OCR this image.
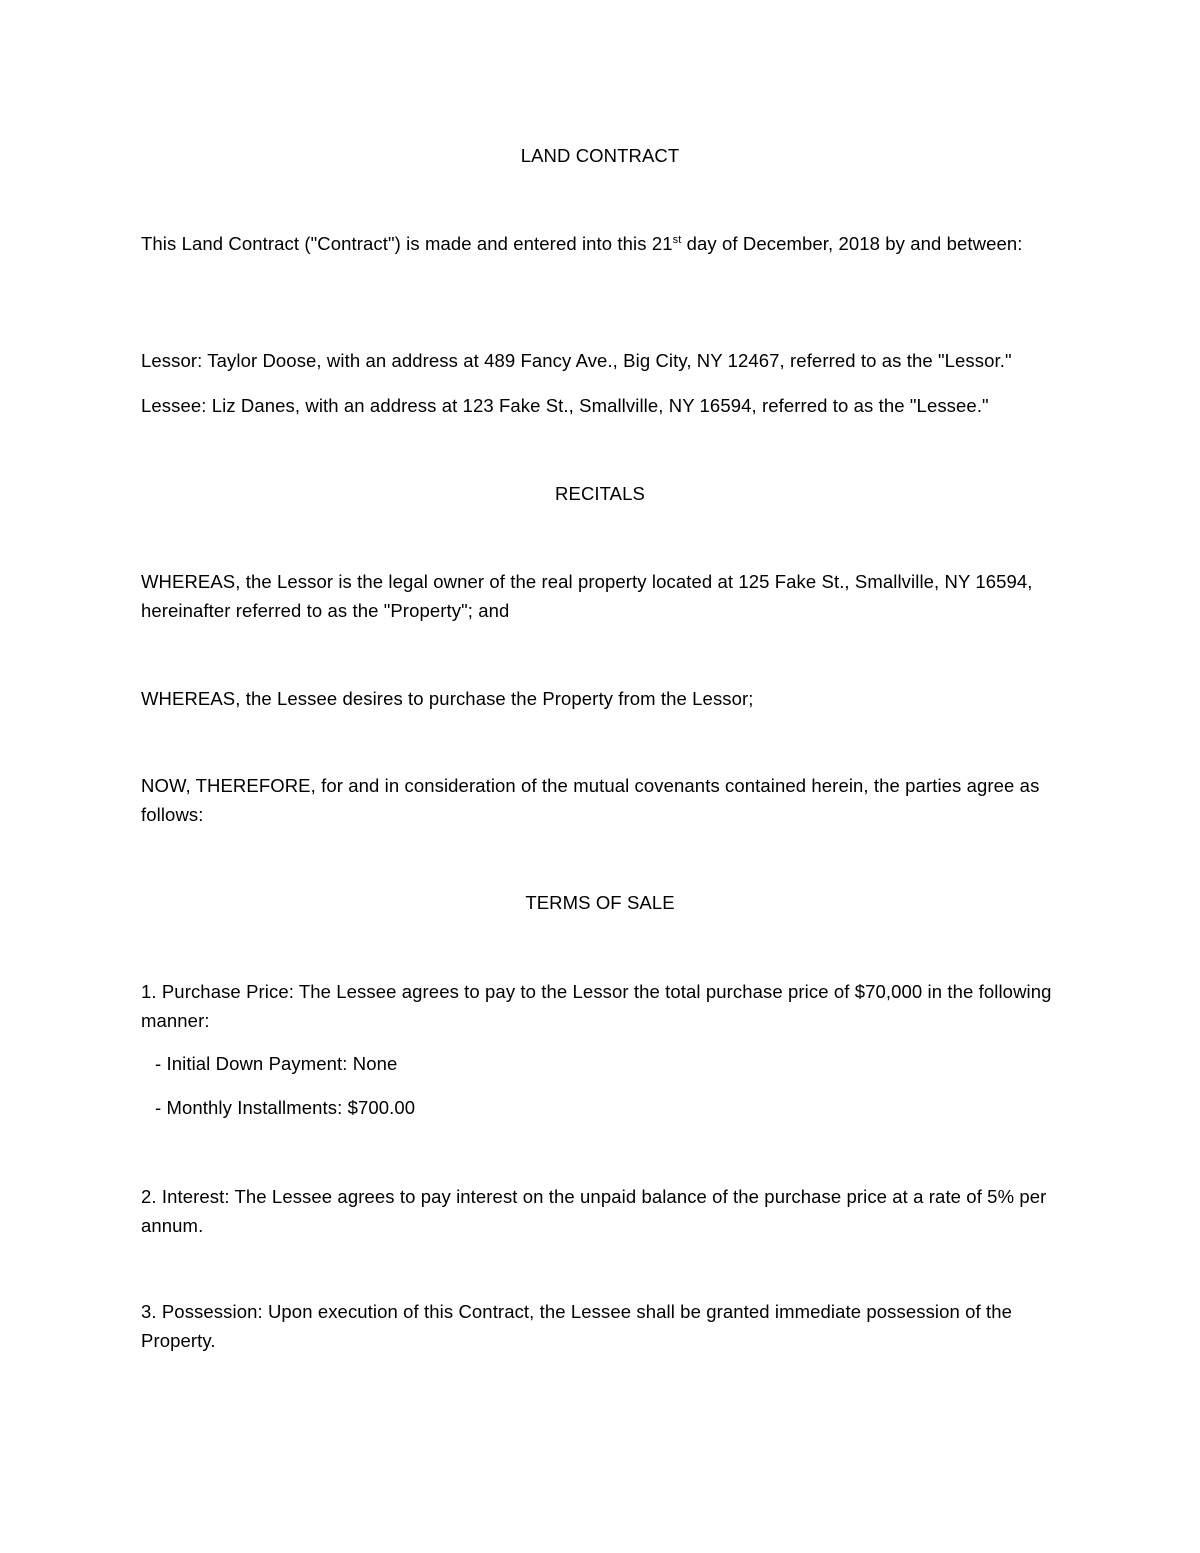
LAND CONTRACT
This Land Contract ("Contract") is made and entered into this 21st day of December, 2018 by and between:
Lessor: Taylor Doose, with an address at 489 Fancy Ave., Big City, NY 12467, referred to as the "Lessor."
Lessee: Liz Danes, with an address at 123 Fake St., Smallville, NY 16594, referred to as the "Lessee."
RECITALS
WHEREAS, the Lessor is the legal owner of the real property located at 125 Fake St., Smallville, NY 16594, hereinafter referred to as the "Property"; and
WHEREAS, the Lessee desires to purchase the Property from the Lessor;
NOW, THEREFORE, for and in consideration of the mutual covenants contained herein, the parties agree as follows:
TERMS OF SALE
1. Purchase Price: The Lessee agrees to pay to the Lessor the total purchase price of $70,000 in the following manner:
- Initial Down Payment: None
- Monthly Installments: $700.00
2. Interest: The Lessee agrees to pay interest on the unpaid balance of the purchase price at a rate of 5% per annum.
3. Possession: Upon execution of this Contract, the Lessee shall be granted immediate possession of the Property.
